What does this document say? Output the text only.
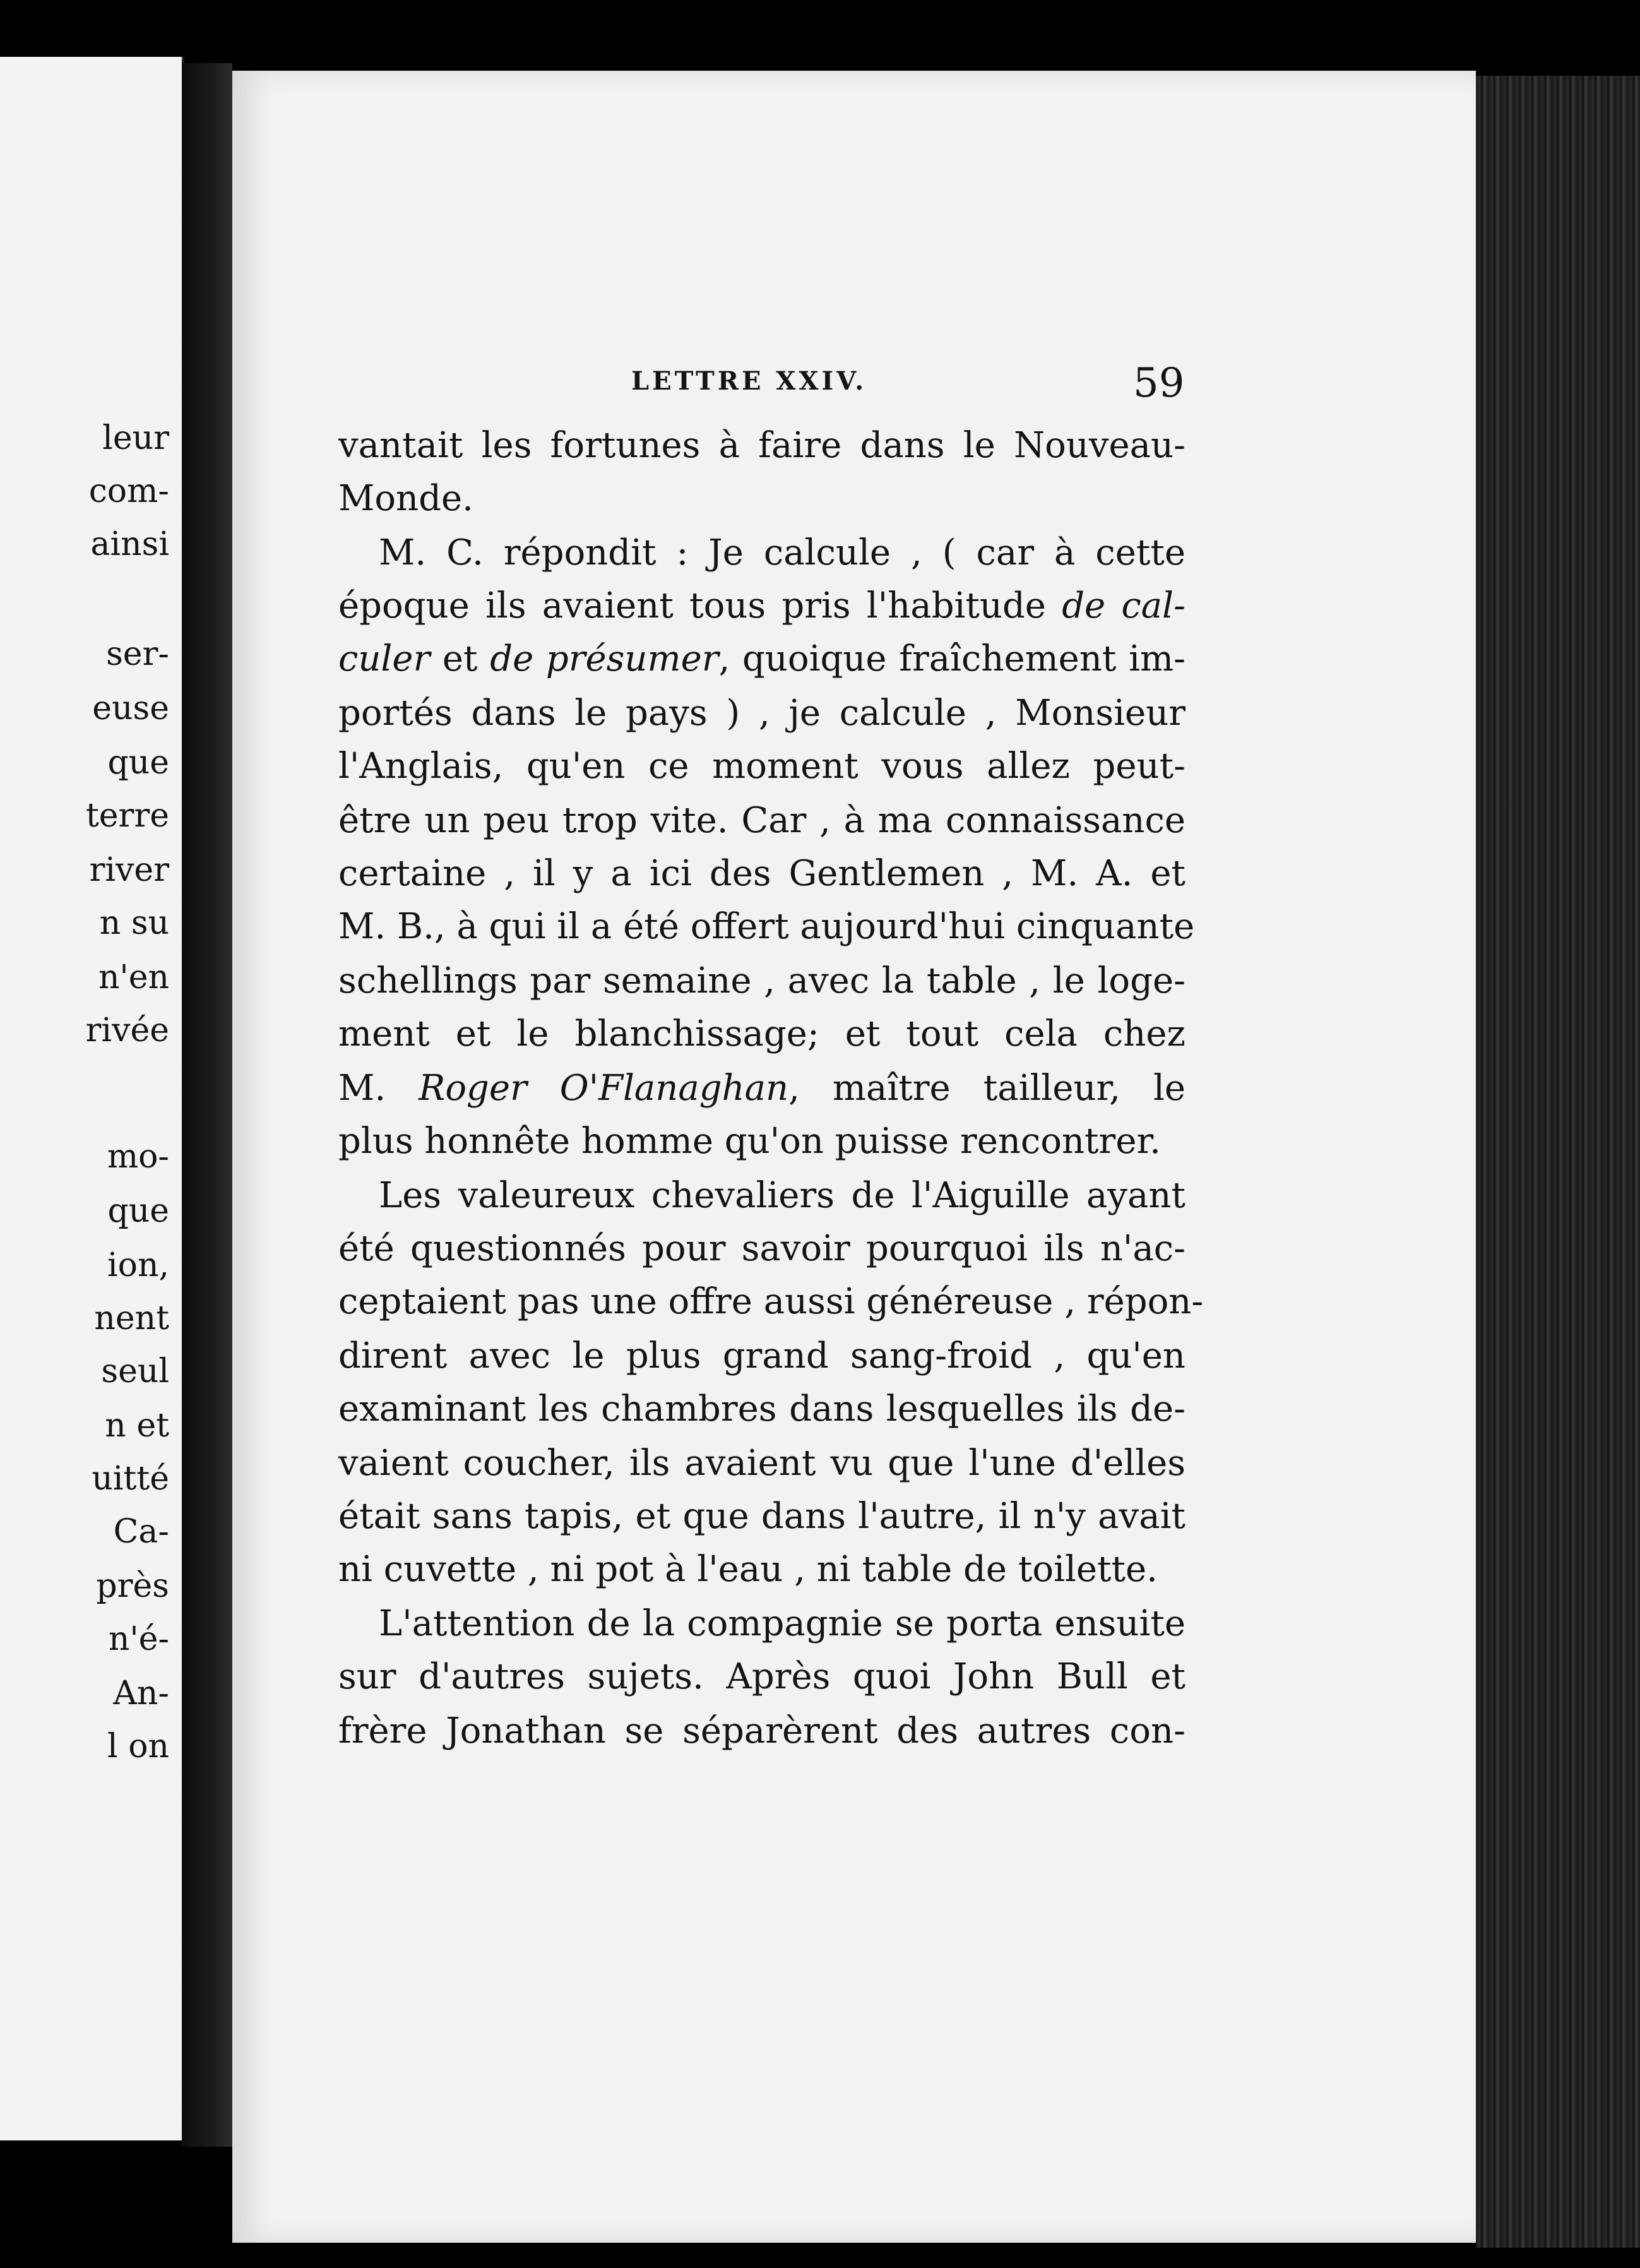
leur
com-
ainsi
ser-
euse
que
terre
river
n su
n'en
rivée
mo-
que
ion,
nent
seul
n et
uitté
Ca-
près
n'é-
An-
l on
LETTRE XXIV.	59
vantait les fortunes à faire dans le Nouveau-
Monde.
M. C. répondit : Je calcule , ( car à cette
époque ils avaient tous pris l'habitude de cal-
culer et de présumer, quoique fraîchement im-
portés dans le pays ) , je calcule , Monsieur
l'Anglais, qu'en ce moment vous allez peut-
être un peu trop vite. Car , à ma connaissance
certaine , il y a ici des Gentlemen , M. A. et
M. B., à qui il a été offert aujourd'hui cinquante
schellings par semaine , avec la table , le loge-
ment et le blanchissage; et tout cela chez
M. Roger O'Flanaghan, maître tailleur, le
plus honnête homme qu'on puisse rencontrer.
Les valeureux chevaliers de l'Aiguille ayant
été questionnés pour savoir pourquoi ils n'ac-
ceptaient pas une offre aussi généreuse , répon-
dirent avec le plus grand sang-froid , qu'en
examinant les chambres dans lesquelles ils de-
vaient coucher, ils avaient vu que l'une d'elles
était sans tapis, et que dans l'autre, il n'y avait
ni cuvette , ni pot à l'eau , ni table de toilette.
L'attention de la compagnie se porta ensuite
sur d'autres sujets. Après quoi John Bull et
frère Jonathan se séparèrent des autres con-
